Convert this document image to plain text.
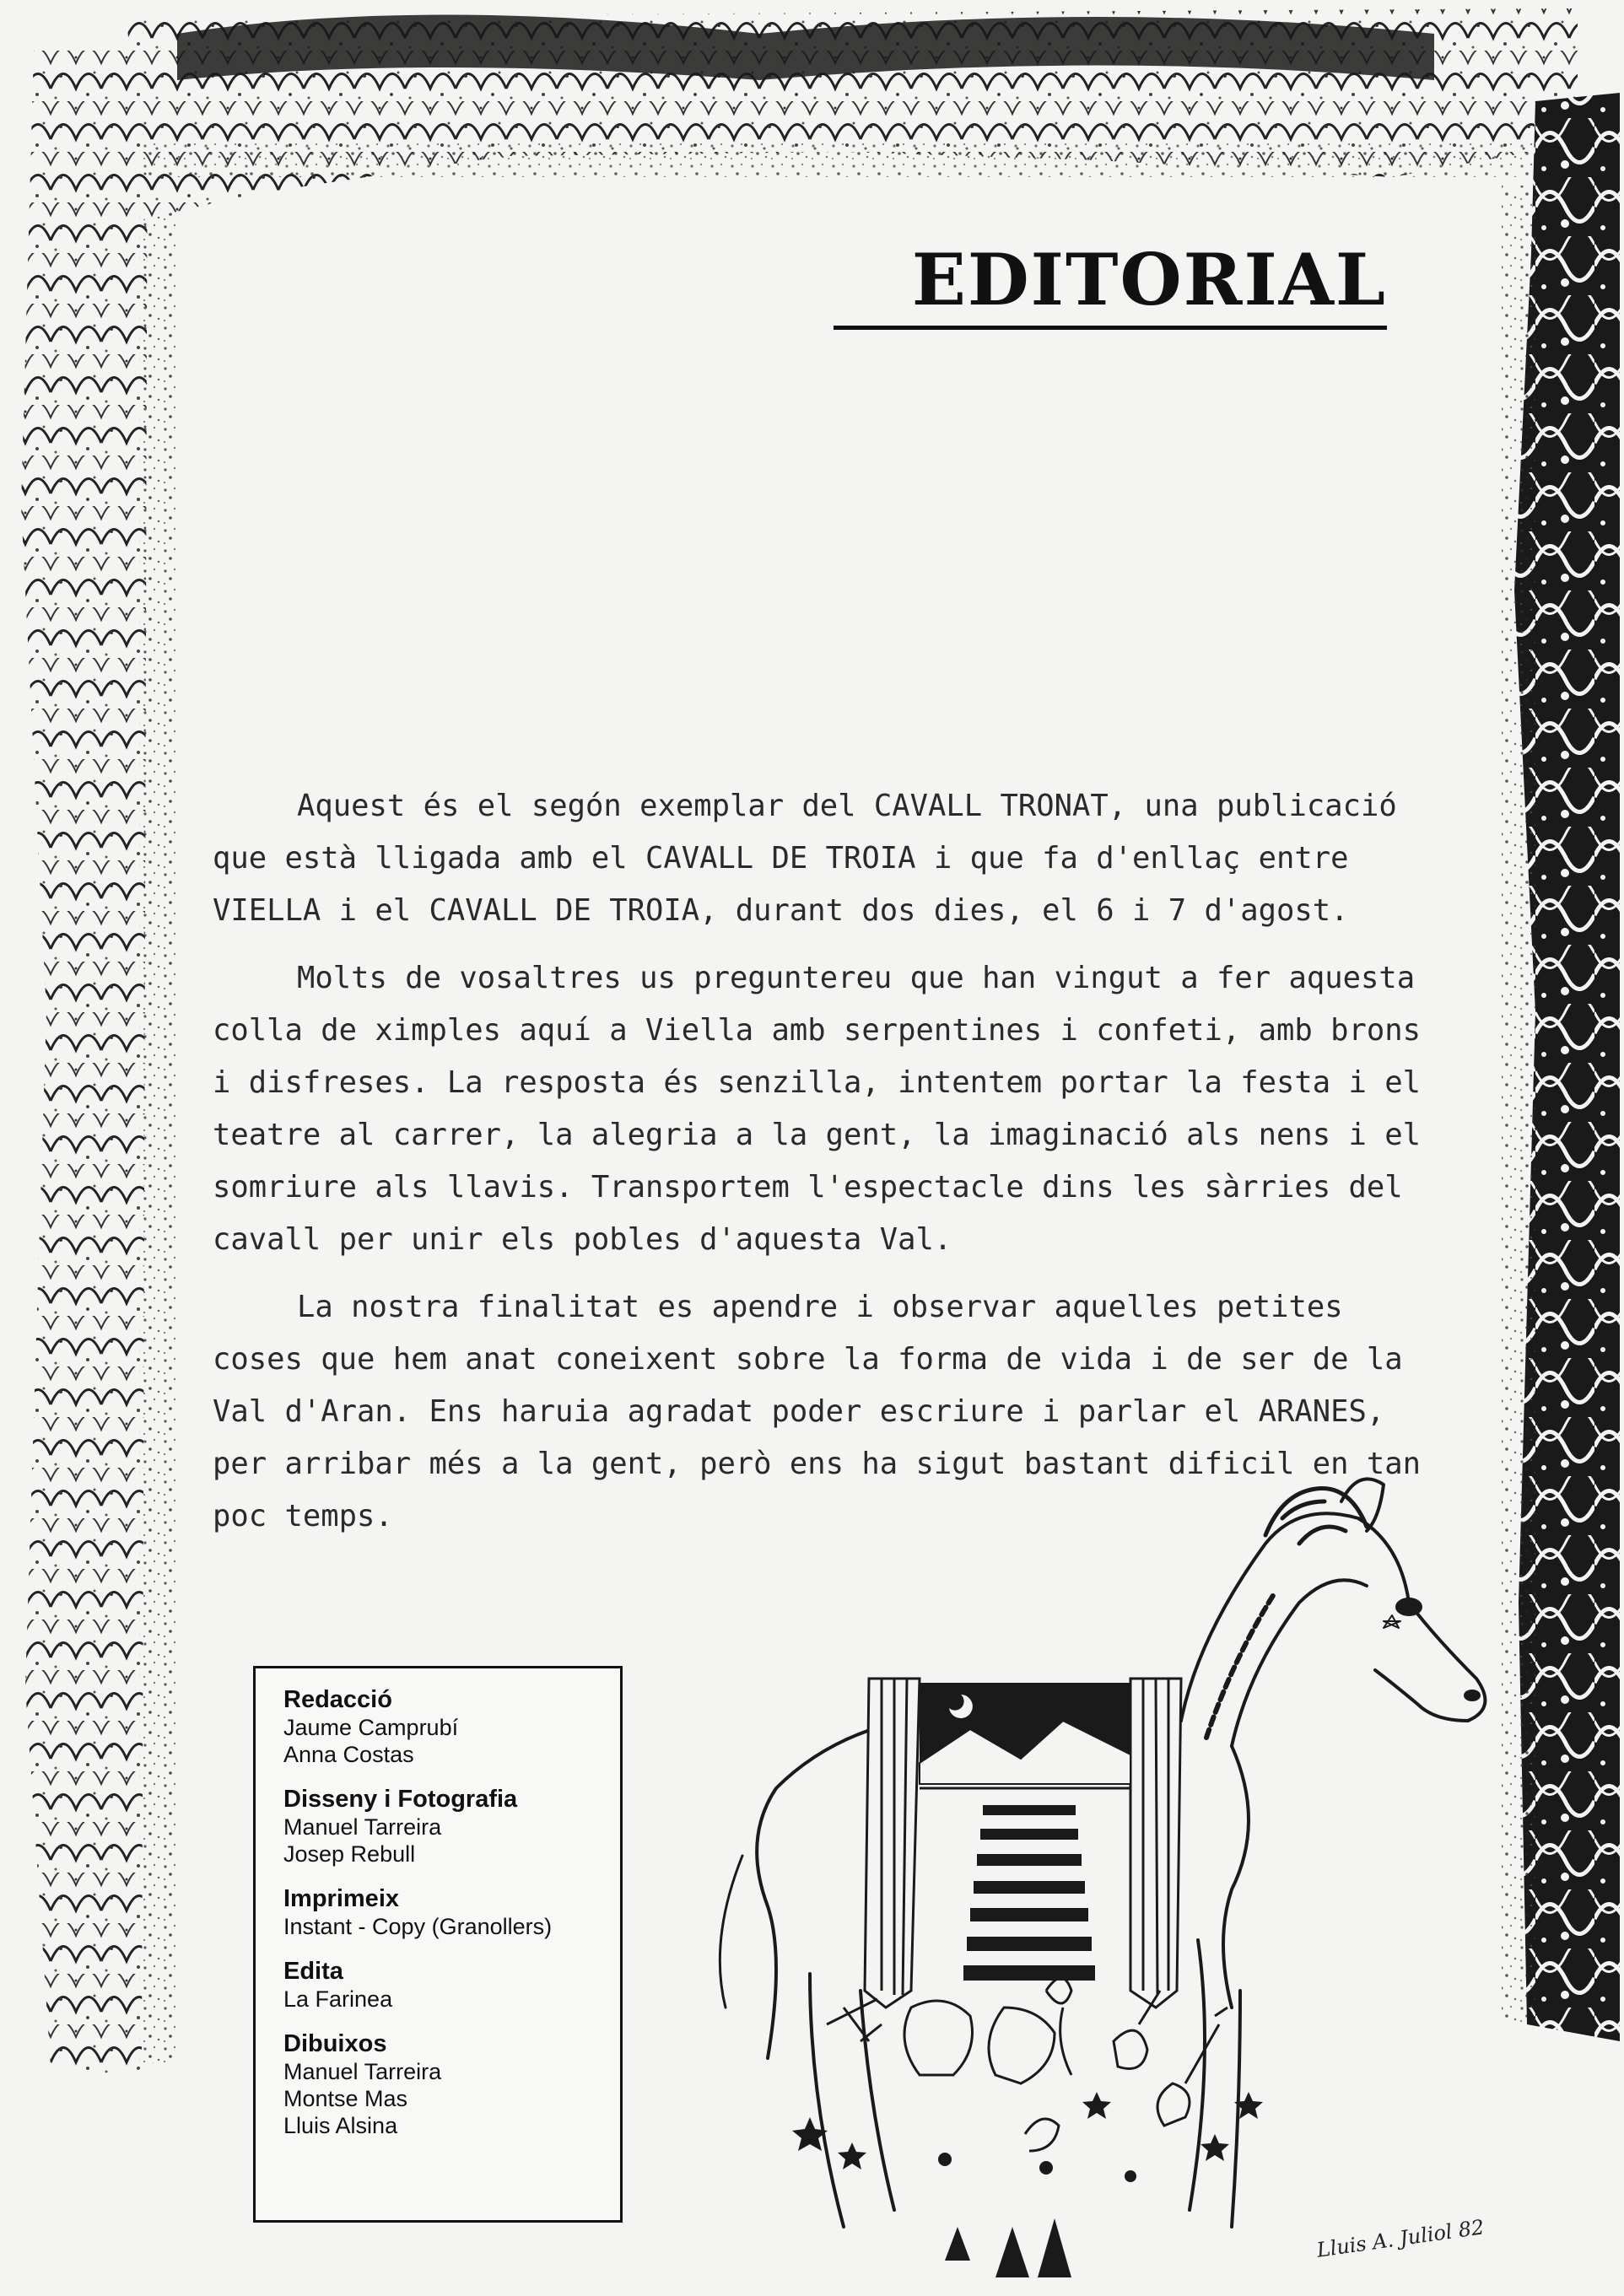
EDITORIAL

Aquest és el segón exemplar del CAVALL TRONAT, una publicació que està lligada amb el CAVALL DE TROIA i que fa d'enllaç entre VIELLA i el CAVALL DE TROIA, durant dos dies, el 6 i 7 d'agost.

Molts de vosaltres us preguntereu que han vingut a fer aquesta colla de ximples aquí a Viella amb serpentines i confeti, amb brons i disfreses. La resposta és senzilla, intentem portar la festa i el teatre al carrer, la alegria a la gent, la imaginació als nens i el somriure als llavis. Transportem l'espectacle dins les sàrries del cavall per unir els pobles d'aquesta Val.

La nostra finalitat es apendre i observar aquelles petites coses que hem anat coneixent sobre la forma de vida i de ser de la Val d'Aran. Ens haruia agradat poder escriure i parlar el ARANES, per arribar més a la gent, però ens ha sigut bastant dificil en tan poc temps.

Redacció
Jaume Camprubí
Anna Costas
Disseny i Fotografia
Manuel Tarreira
Josep Rebull
Imprimeix
Instant - Copy (Granollers)
Edita
La Farinea
Dibuixos
Manuel Tarreira
Montse Mas
Lluis Alsina
Lluis A. Juliol 82
